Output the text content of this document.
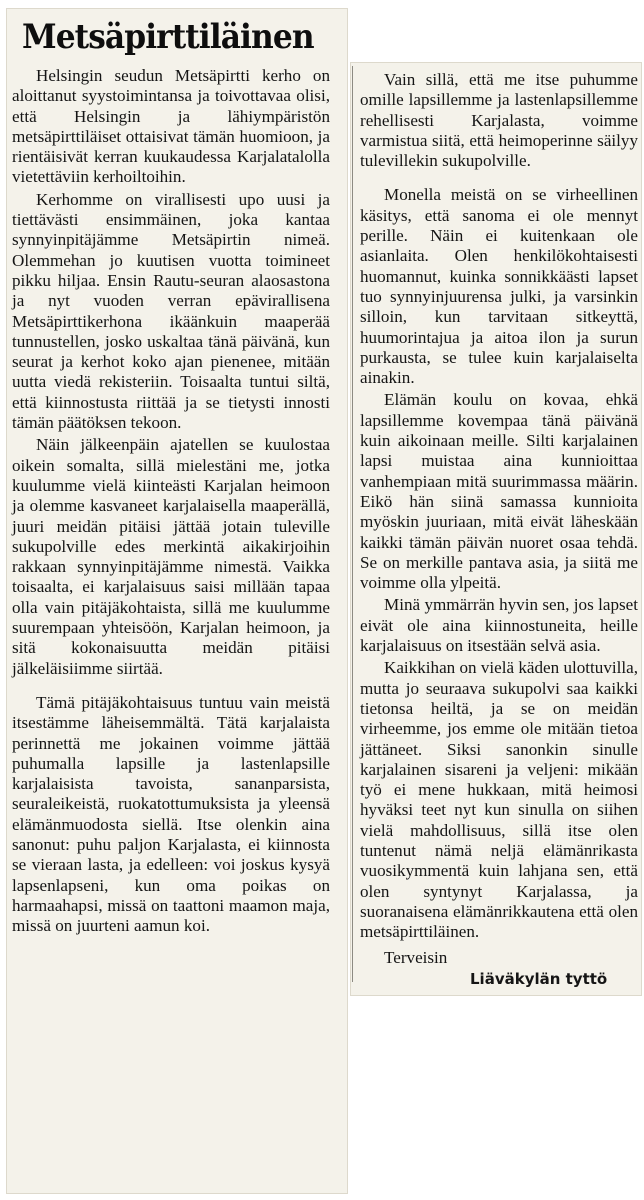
Metsäpirttiläinen

Helsingin seudun Metsäpirtti kerho on aloittanut syystoimintansa ja toivottavaa olisi, että Helsingin ja lähiympäristön metsäpirttiläiset ottaisivat tämän huomioon, ja rientäisivät kerran kuukaudessa Karjalatalolla vietettäviin kerhoiltoihin.

Kerhomme on virallisesti upo uusi ja tiettävästi ensimmäinen, joka kantaa synnyinpitäjämme Metsäpirtin nimeä. Olemmehan jo kuutisen vuotta toimineet pikku hiljaa. Ensin Rautu-seuran alaosastona ja nyt vuoden verran epävirallisena Metsäpirttikerhona ikäänkuin maaperää tunnustellen, josko uskaltaa tänä päivänä, kun seurat ja kerhot koko ajan pienenee, mitään uutta viedä rekisteriin. Toisaalta tuntui siltä, että kiinnostusta riittää ja se tietysti innosti tämän päätöksen tekoon.

Näin jälkeenpäin ajatellen se kuulostaa oikein somalta, sillä mielestäni me, jotka kuulumme vielä kiinteästi Karjalan heimoon ja olemme kasvaneet karjalaisella maaperällä, juuri meidän pitäisi jättää jotain tuleville sukupolville edes merkintä aikakirjoihin rakkaan synnyinpitäjämme nimestä. Vaikka toisaalta, ei karjalaisuus saisi millään tapaa olla vain pitäjäkohtaista, sillä me kuulumme suurempaan yhteisöön, Karjalan heimoon, ja sitä kokonaisuutta meidän pitäisi jälkeläisiimme siirtää.

Tämä pitäjäkohtaisuus tuntuu vain meistä itsestämme läheisemmältä. Tätä karjalaista perinnettä me jokainen voimme jättää puhumalla lapsille ja lastenlapsille karjalaisista tavoista, sananparsista, seuraleikeistä, ruokatottumuksista ja yleensä elämänmuodosta siellä. Itse olenkin aina sanonut: puhu paljon Karjalasta, ei kiinnosta se vieraan lasta, ja edelleen: voi joskus kysyä lapsenlapseni, kun oma poikas on harmaahapsi, missä on taattoni maamon maja, missä on juurteni aamun koi.

Vain sillä, että me itse puhumme omille lapsillemme ja lastenlapsillemme rehellisesti Karjalasta, voimme varmistua siitä, että heimoperinne säilyy tulevillekin sukupolville.

Monella meistä on se virheellinen käsitys, että sanoma ei ole mennyt perille. Näin ei kuitenkaan ole asianlaita. Olen henkilökohtaisesti huomannut, kuinka sonnikkäästi lapset tuo synnyinjuurensa julki, ja varsinkin silloin, kun tarvitaan sitkeyttä, huumorintajua ja aitoa ilon ja surun purkausta, se tulee kuin karjalaiselta ainakin.

Elämän koulu on kovaa, ehkä lapsillemme kovempaa tänä päivänä kuin aikoinaan meille. Silti karjalainen lapsi muistaa aina kunnioittaa vanhempiaan mitä suurimmassa määrin. Eikö hän siinä samassa kunnioita myöskin juuriaan, mitä eivät läheskään kaikki tämän päivän nuoret osaa tehdä. Se on merkille pantava asia, ja siitä me voimme olla ylpeitä.

Minä ymmärrän hyvin sen, jos lapset eivät ole aina kiinnostuneita, heille karjalaisuus on itsestään selvä asia.

Kaikkihan on vielä käden ulottuvilla, mutta jo seuraava sukupolvi saa kaikki tietonsa heiltä, ja se on meidän virheemme, jos emme ole mitään tietoa jättäneet. Siksi sanonkin sinulle karjalainen sisareni ja veljeni: mikään työ ei mene hukkaan, mitä heimosi hyväksi teet nyt kun sinulla on siihen vielä mahdollisuus, sillä itse olen tuntenut nämä neljä elämänrikasta vuosikymmentä kuin lahjana sen, että olen syntynyt Karjalassa, ja suoranaisena elämänrikkautena että olen metsäpirttiläinen.

Terveisin
Liäväkylän tyttö
